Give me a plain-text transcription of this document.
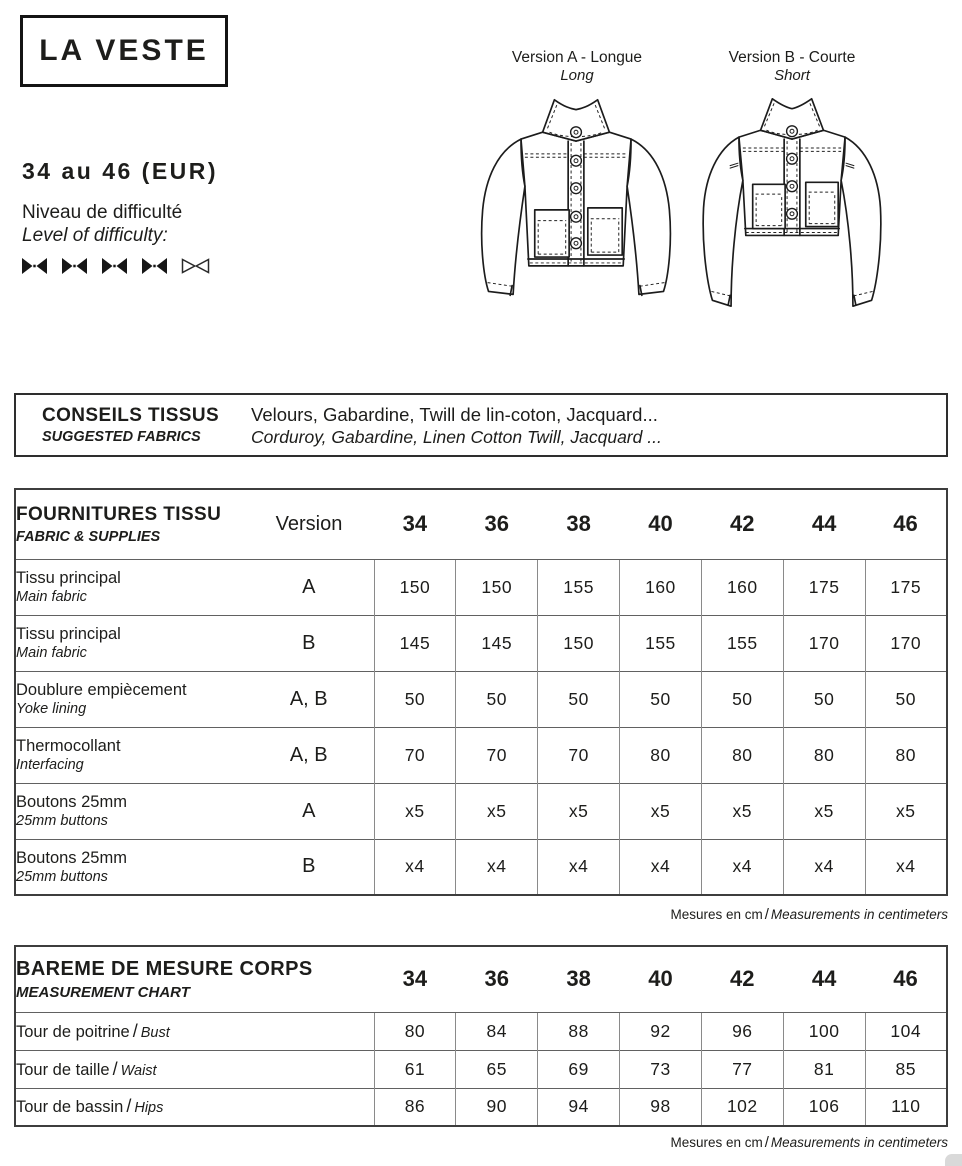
LA VESTE
34 au 46 (EUR)
Niveau de difficulté
Level of difficulty:
Version A - Longue
Long
Version B - Courte
Short
CONSEILS TISSUS
SUGGESTED FABRICS
Velours, Gabardine, Twill de lin-coton, Jacquard...
Corduroy, Gabardine, Linen Cotton Twill, Jacquard ...
FOURNITURES TISSU
FABRIC & SUPPLIES	Version	34	36	38	40	42	44	46

Tissu principal
Main fabric	A	150	150	155	160	160	175	175

Tissu principal
Main fabric	B	145	145	150	155	155	170	170

Doublure empiècement
Yoke lining	A, B	50	50	50	50	50	50	50

Thermocollant
Interfacing	A, B	70	70	70	80	80	80	80

Boutons 25mm
25mm buttons	A	x5	x5	x5	x5	x5	x5	x5

Boutons 25mm
25mm buttons	B	x4	x4	x4	x4	x4	x4	x4
Mesures en cm / Measurements in centimeters
BAREME DE MESURE CORPS
MEASUREMENT CHART	34	36	38	40	42	44	46
Tour de poitrine / Bust	80	84	88	92	96	100	104
Tour de taille / Waist	61	65	69	73	77	81	85
Tour de bassin / Hips	86	90	94	98	102	106	110
Mesures en cm / Measurements in centimeters
